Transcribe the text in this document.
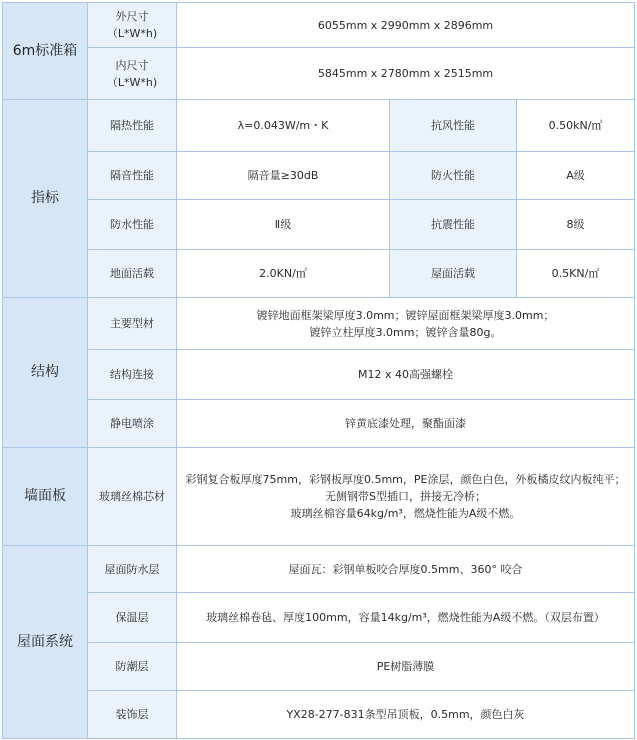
6m标准箱	外尺寸（L*W*h)	6055mm x 2990mm x 2896mm		
	内尺寸（L*W*h)	5845mm x 2780mm x 2515mm		
指标	隔热性能	λ=0.043W/m・K	抗风性能	0.50kN/㎡
	隔音性能	隔音量≥30dB	防火性能	A级
	防水性能	Ⅱ级	抗震性能	8级
	地面活载	2.0KN/㎡	屋面活载	0.5KN/㎡
结构	主要型材	镀锌地面框架梁厚度3.0mm；镀锌屋面框架梁厚度3.0mm；
镀锌立柱厚度3.0mm；镀锌含量80g。		

	结构连接	M12 x 40高强螺栓		
	静电喷涂	锌黄底漆处理，聚酯面漆		
墙面板	玻璃丝棉芯材	彩钢复合板厚度75mm，彩钢板厚度0.5mm，PE涂层，颜色白色，外板橘皮纹内板纯平；
无侧钢带S型插口，拼接无冷桥；
玻璃丝棉容量64kg/m³，燃烧性能为A级不燃。		

屋面系统	屋面防水层	屋面瓦：彩钢单板咬合厚度0.5mm、360° 咬合		
	保温层	玻璃丝棉卷毡、厚度100mm，容量14kg/m³，燃烧性能为A级不燃。（双层布置）		
	防潮层	PE树脂薄膜		
	装饰层	YX28-277-831条型吊顶板，0.5mm，颜色白灰		
